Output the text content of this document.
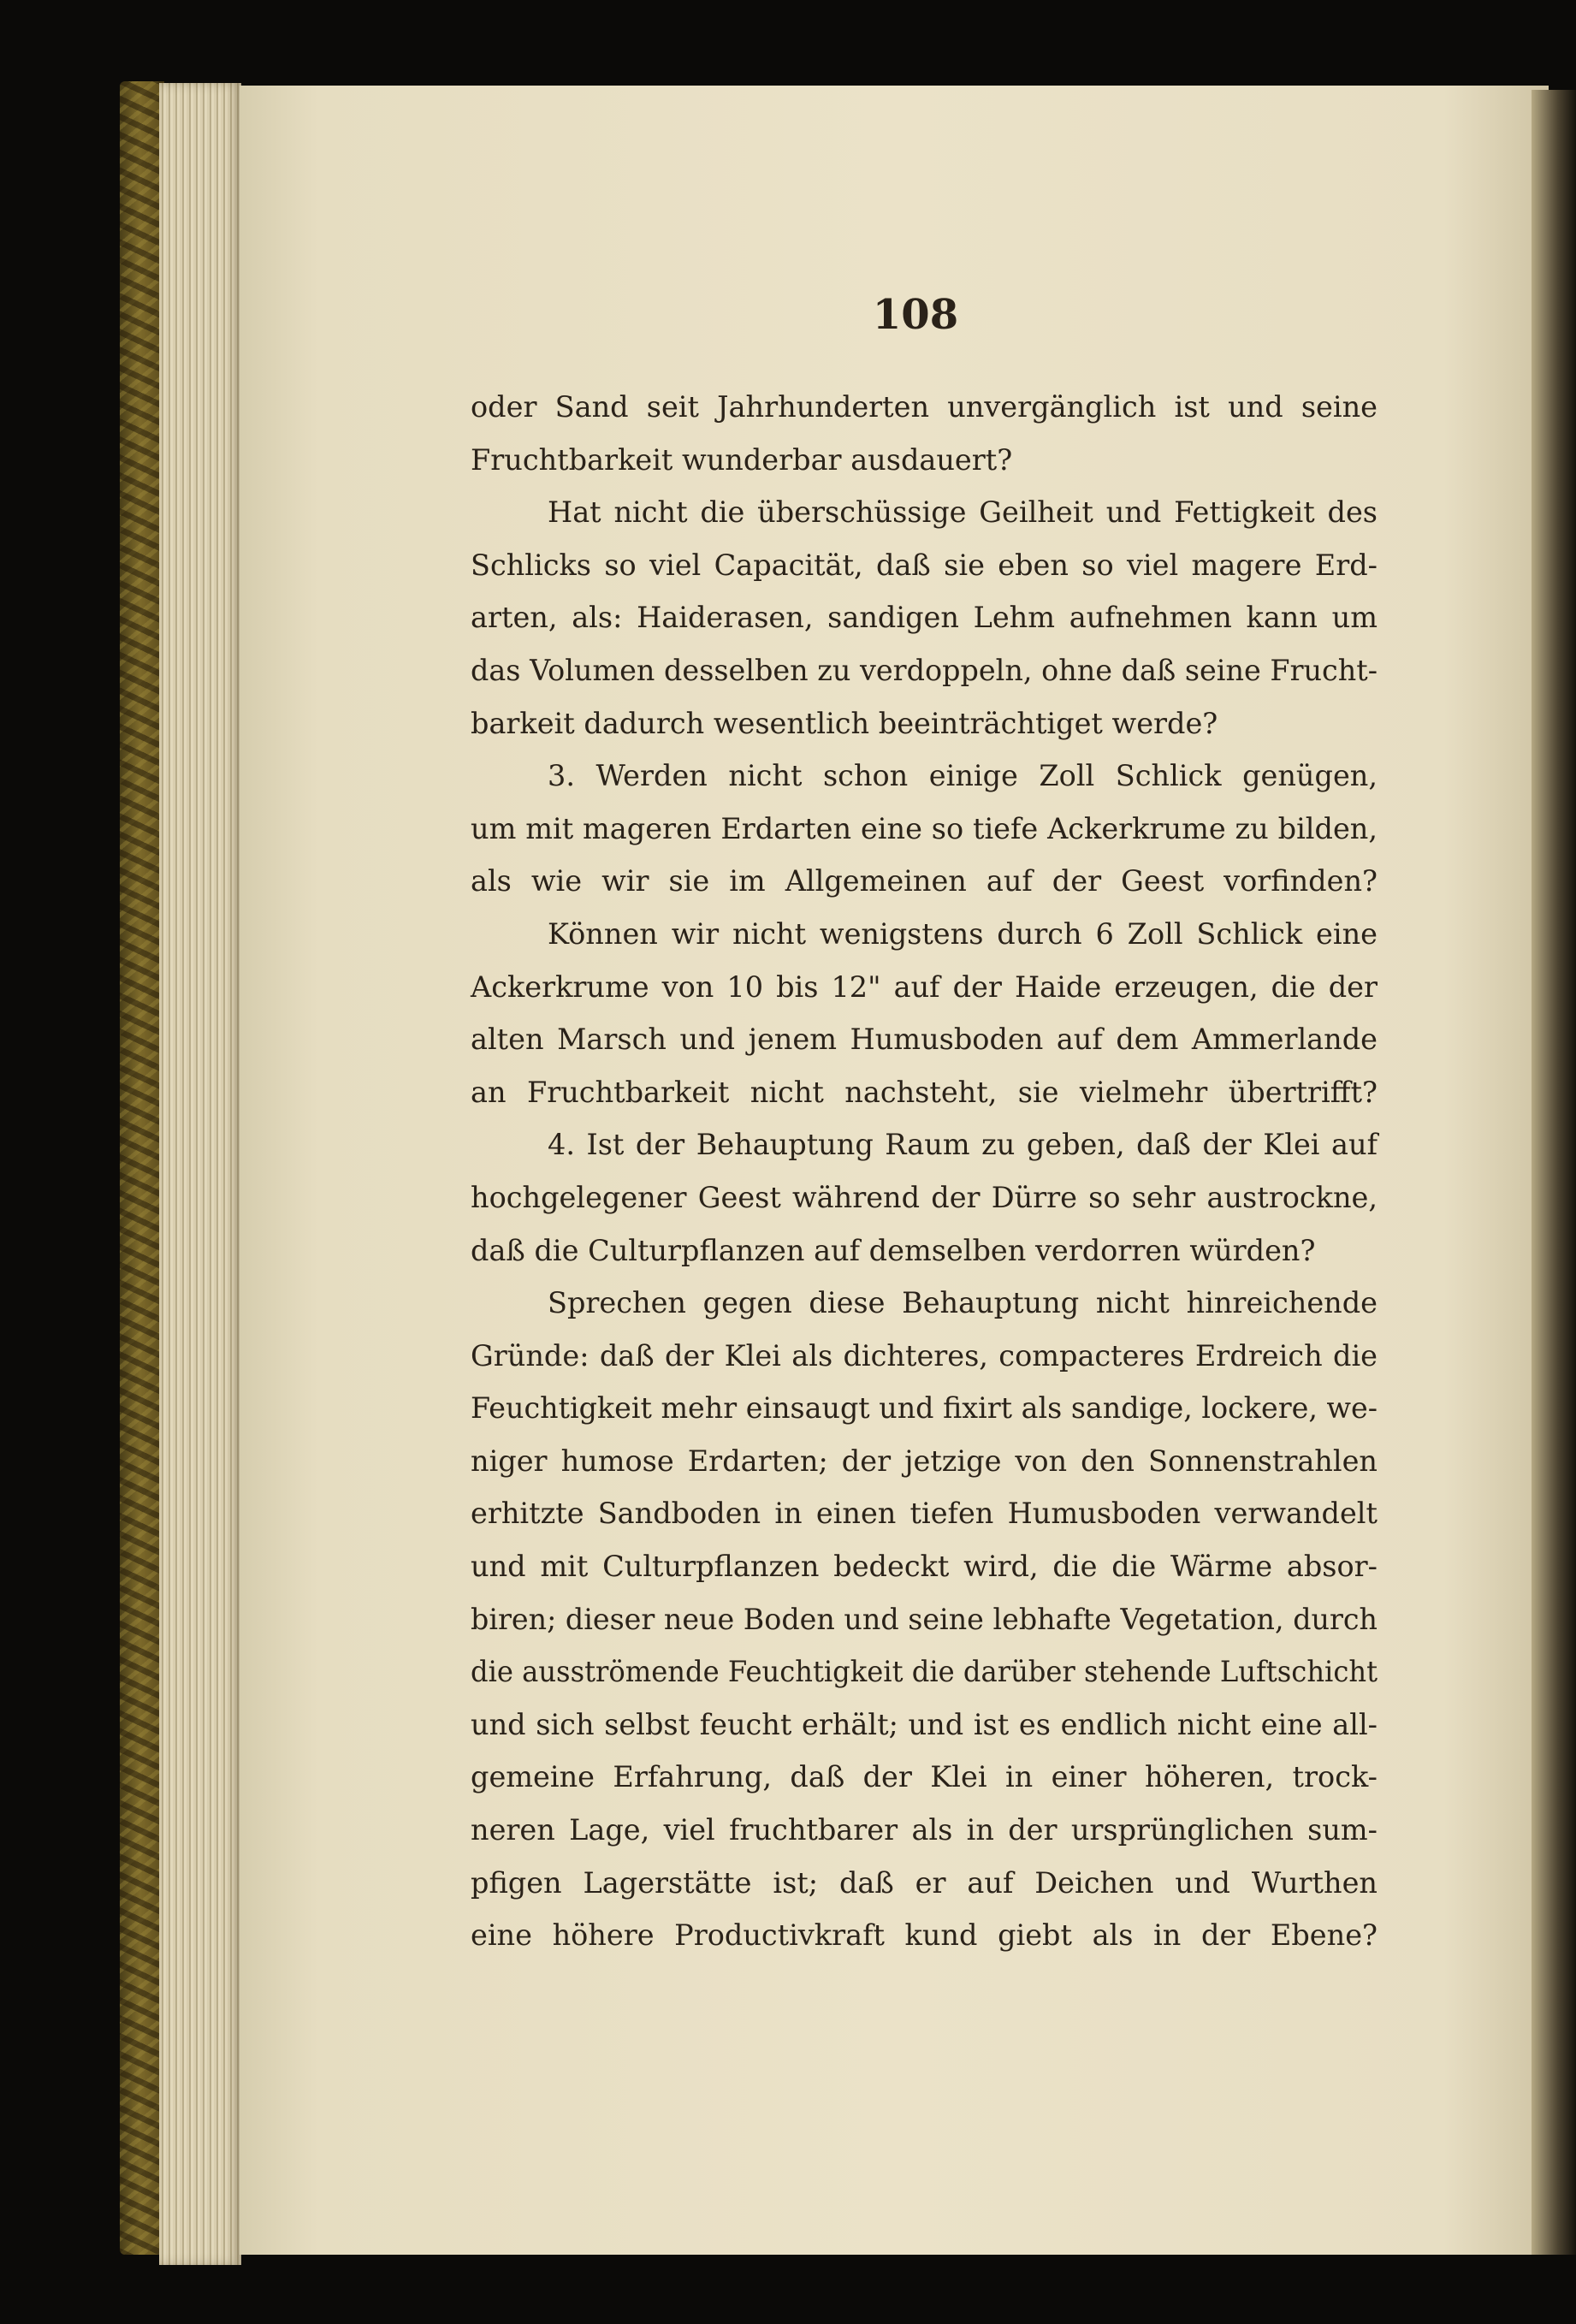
108
oder Sand seit Jahrhunderten unvergänglich ist und seine
Fruchtbarkeit wunderbar ausdauert?
Hat nicht die überschüssige Geilheit und Fettigkeit des
Schlicks so viel Capacität, daß sie eben so viel magere Erd-
arten, als: Haiderasen, sandigen Lehm aufnehmen kann um
das Volumen desselben zu verdoppeln, ohne daß seine Frucht-
barkeit dadurch wesentlich beeinträchtiget werde?
3. Werden nicht schon einige Zoll Schlick genügen,
um mit mageren Erdarten eine so tiefe Ackerkrume zu bilden,
als wie wir sie im Allgemeinen auf der Geest vorfinden?
Können wir nicht wenigstens durch 6 Zoll Schlick eine
Ackerkrume von 10 bis 12" auf der Haide erzeugen, die der
alten Marsch und jenem Humusboden auf dem Ammerlande
an Fruchtbarkeit nicht nachsteht, sie vielmehr übertrifft?
4. Ist der Behauptung Raum zu geben, daß der Klei auf
hochgelegener Geest während der Dürre so sehr austrockne,
daß die Culturpflanzen auf demselben verdorren würden?
Sprechen gegen diese Behauptung nicht hinreichende
Gründe: daß der Klei als dichteres, compacteres Erdreich die
Feuchtigkeit mehr einsaugt und fixirt als sandige, lockere, we-
niger humose Erdarten; der jetzige von den Sonnenstrahlen
erhitzte Sandboden in einen tiefen Humusboden verwandelt
und mit Culturpflanzen bedeckt wird, die die Wärme absor-
biren; dieser neue Boden und seine lebhafte Vegetation, durch
die ausströmende Feuchtigkeit die darüber stehende Luftschicht
und sich selbst feucht erhält; und ist es endlich nicht eine all-
gemeine Erfahrung, daß der Klei in einer höheren, trock-
neren Lage, viel fruchtbarer als in der ursprünglichen sum-
pfigen Lagerstätte ist; daß er auf Deichen und Wurthen
eine höhere Productivkraft kund giebt als in der Ebene?
